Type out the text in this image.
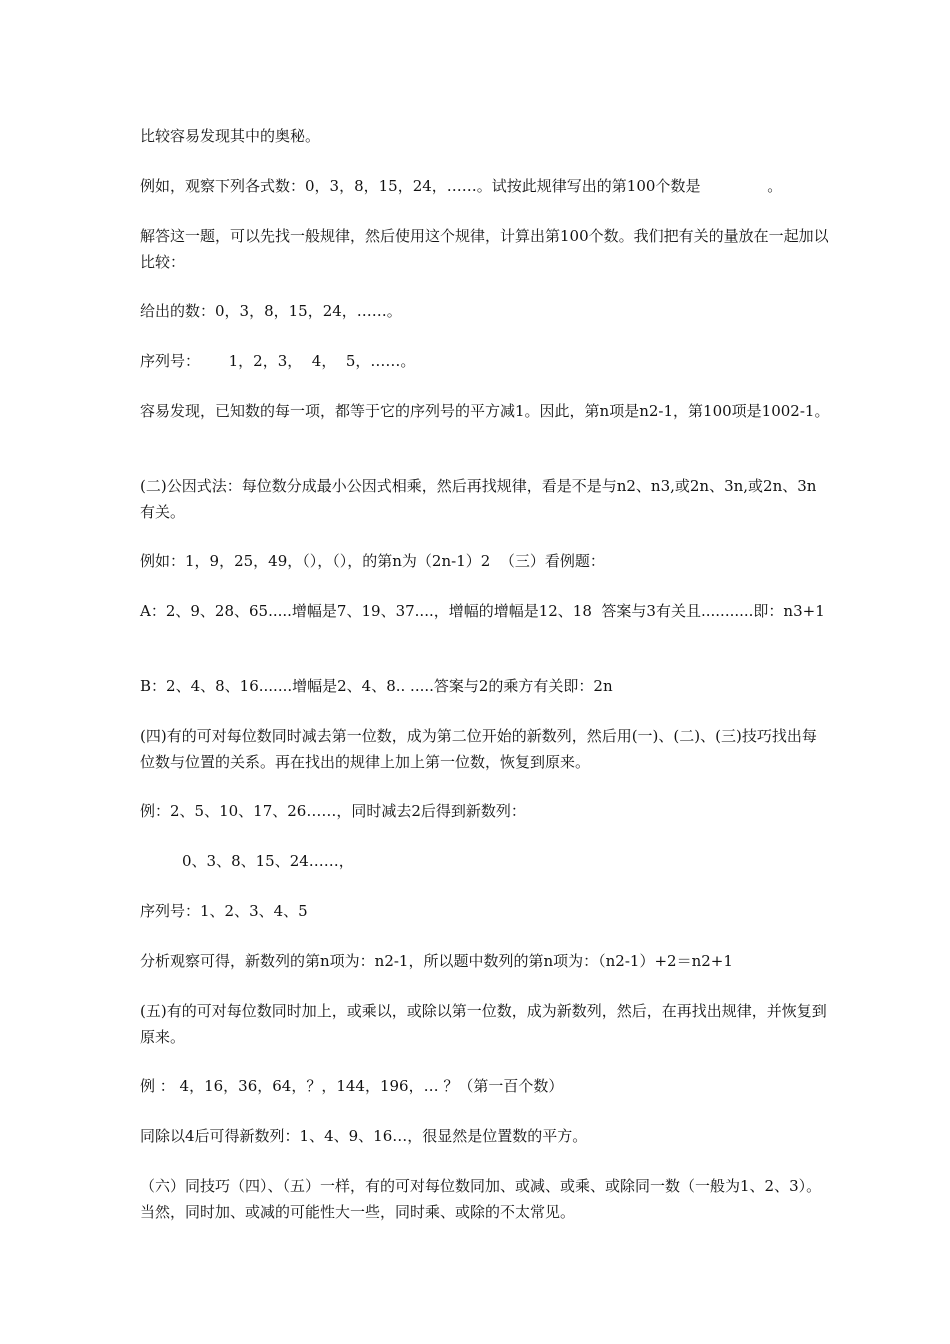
比较容易发现其中的奥秘。

例如，观察下列各式数：0，3，8，15，24，……。试按此规律写出的第100个数是              。

解答这一题，可以先找一般规律，然后使用这个规律，计算出第100个数。我们把有关的量放在一起加以比较：

给出的数：0，3，8，15，24，……。

序列号：      1，2，3，  4，  5，……。

容易发现，已知数的每一项，都等于它的序列号的平方减1。因此，第n项是n2-1，第100项是1002-1。

(二)公因式法：每位数分成最小公因式相乘，然后再找规律，看是不是与n2、n3,或2n、3n,或2n、3n有关。

例如：1，9，25，49，（），（），的第n为（2n-1）2  （三）看例题：

A：2、9、28、65.....增幅是7、19、37....，增幅的增幅是12、18  答案与3有关且...........即：n3+1

B：2、4、8、16.......增幅是2、4、8.. .....答案与2的乘方有关即：2n

(四)有的可对每位数同时减去第一位数，成为第二位开始的新数列，然后用(一)、(二)、(三)技巧找出每位数与位置的关系。再在找出的规律上加上第一位数，恢复到原来。

例：2、5、10、17、26……，同时减去2后得到新数列：

0、3、8、15、24……，

序列号：1、2、3、4、5

分析观察可得，新数列的第n项为：n2-1，所以题中数列的第n项为：（n2-1）+2＝n2+1

(五)有的可对每位数同时加上，或乘以，或除以第一位数，成为新数列，然后，在再找出规律，并恢复到原来。

例 ： 4，16，36，64，？，144，196，… ？（第一百个数）

同除以4后可得新数列：1、4、9、16…，很显然是位置数的平方。

（六）同技巧（四）、（五）一样，有的可对每位数同加、或减、或乘、或除同一数（一般为1、2、3）。当然，同时加、或减的可能性大一些，同时乘、或除的不太常见。
